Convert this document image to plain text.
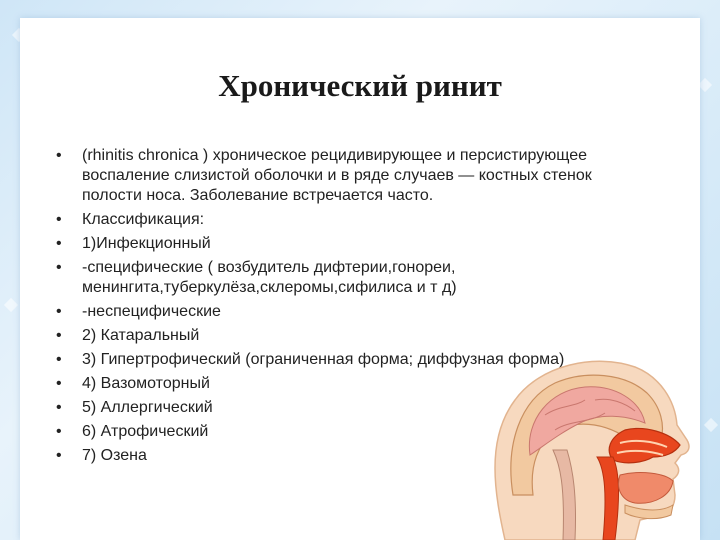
Хронический ринит
• (rhinitis chronica ) хроническое рецидивирующее и персистирующее воспаление слизистой оболочки и в ряде случаев — костных стенок полости носа. Заболевание встречается часто.
• Классификация:
• 1)Инфекционный
• -специфические ( возбудитель дифтерии,гонореи, менингита,туберкулёза,склеромы,сифилиса и т д)
• -неспецифические
• 2) Катаральный
• 3) Гипертрофический (ограниченная форма; диффузная форма)
• 4) Вазомоторный
• 5) Аллергический
• 6) Атрофический
• 7) Озена
